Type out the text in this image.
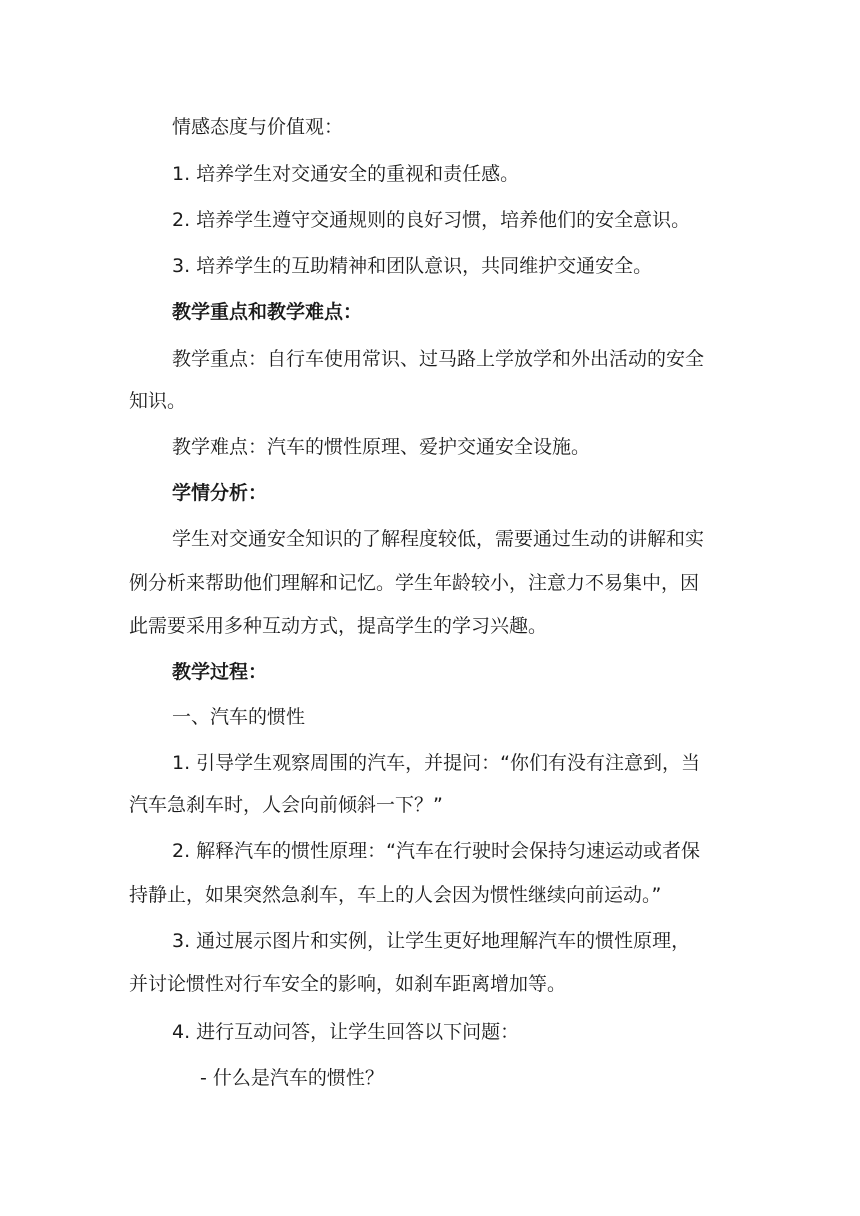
情感态度与价值观：
1. 培养学生对交通安全的重视和责任感。
2. 培养学生遵守交通规则的良好习惯，培养他们的安全意识。
3. 培养学生的互助精神和团队意识，共同维护交通安全。
教学重点和教学难点：
教学重点：自行车使用常识、过马路上学放学和外出活动的安全
知识。
教学难点：汽车的惯性原理、爱护交通安全设施。
学情分析：
学生对交通安全知识的了解程度较低，需要通过生动的讲解和实
例分析来帮助他们理解和记忆。学生年龄较小，注意力不易集中，因
此需要采用多种互动方式，提高学生的学习兴趣。
教学过程：
一、汽车的惯性
1. 引导学生观察周围的汽车，并提问：“你们有没有注意到，当
汽车急刹车时，人会向前倾斜一下？”
2. 解释汽车的惯性原理：“汽车在行驶时会保持匀速运动或者保
持静止，如果突然急刹车，车上的人会因为惯性继续向前运动。”
3. 通过展示图片和实例，让学生更好地理解汽车的惯性原理，
并讨论惯性对行车安全的影响，如刹车距离增加等。
4. 进行互动问答，让学生回答以下问题：
- 什么是汽车的惯性？
